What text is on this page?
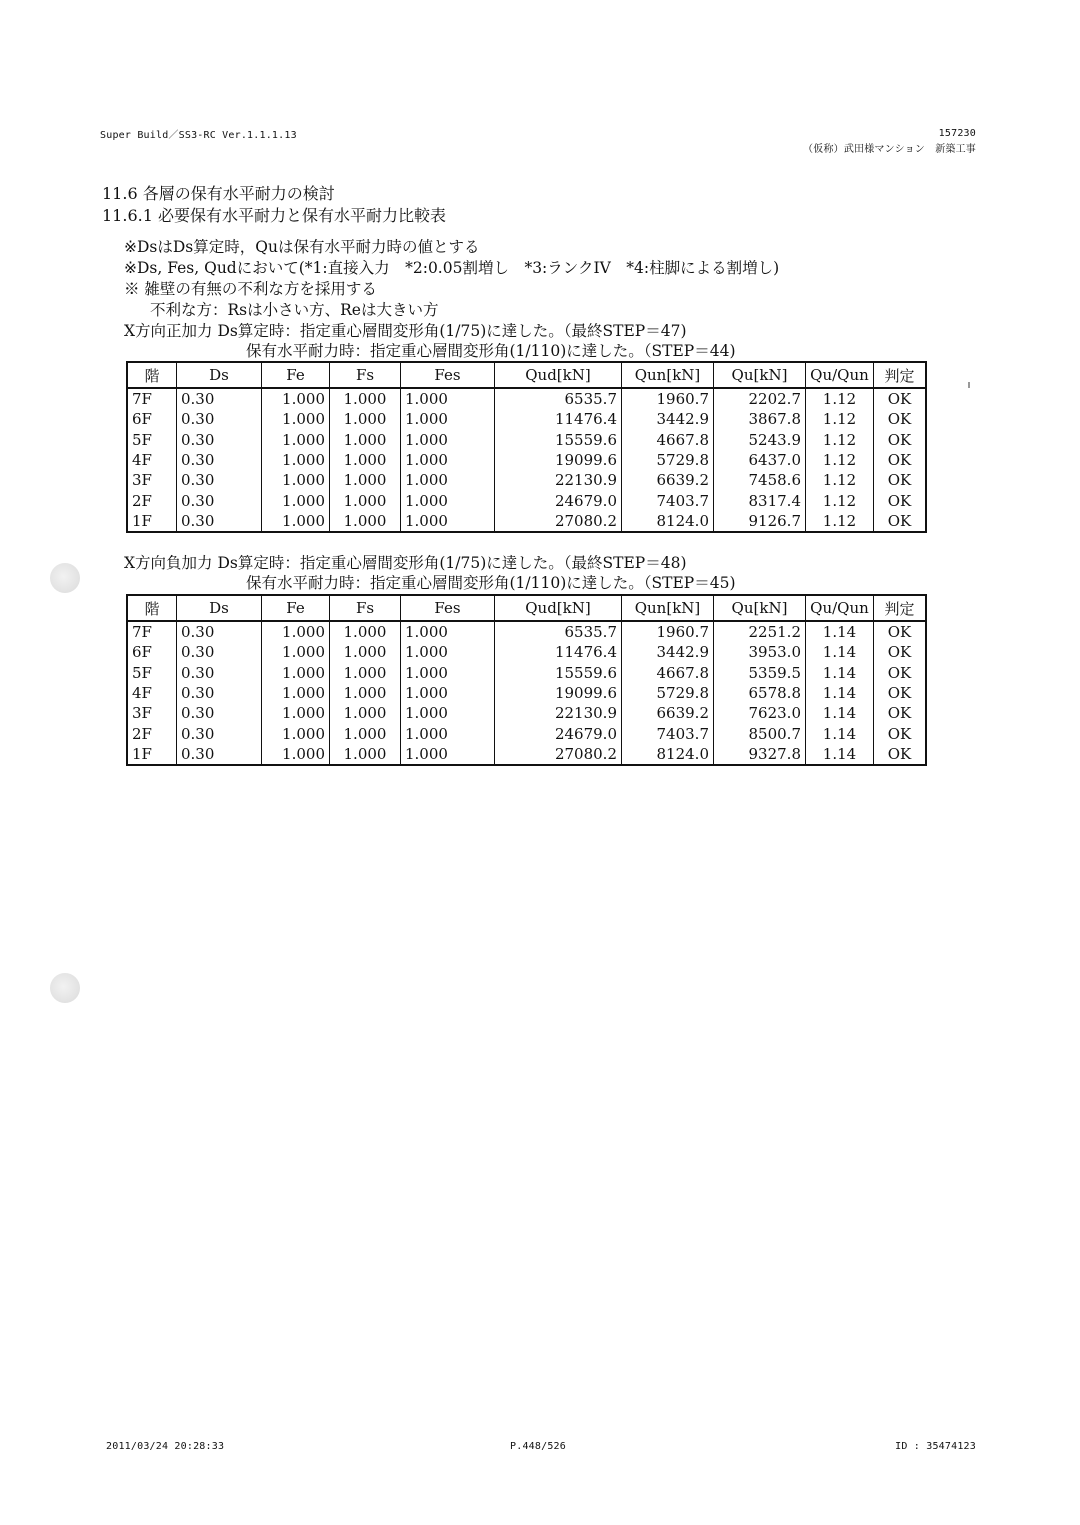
Super Build／SS3-RC Ver.1.1.1.13	157230
（仮称）武田様マンション　新築工事
11.6 各層の保有水平耐力の検討
11.6.1 必要保有水平耐力と保有水平耐力比較表
※DsはDs算定時，Quは保有水平耐力時の値とする
※Ds, Fes, Qudにおいて(*1:直接入力　*2:0.05割増し　*3:ランクIV　*4:柱脚による割増し)
※ 雑壁の有無の不利な方を採用する
不利な方：Rsは小さい方、Reは大きい方
X方向正加力 Ds算定時：指定重心層間変形角(1/75)に達した。（最終STEP＝47)
保有水平耐力時：指定重心層間変形角(1/110)に達した。（STEP＝44)
階	Ds	Fe	Fs	Fes	Qud[kN]	Qun[kN]	Qu[kN]	Qu/Qun	判定
7F	0.30	1.000	1.000	1.000	6535.7	1960.7	2202.7	1.12	OK
6F	0.30	1.000	1.000	1.000	11476.4	3442.9	3867.8	1.12	OK
5F	0.30	1.000	1.000	1.000	15559.6	4667.8	5243.9	1.12	OK
4F	0.30	1.000	1.000	1.000	19099.6	5729.8	6437.0	1.12	OK
3F	0.30	1.000	1.000	1.000	22130.9	6639.2	7458.6	1.12	OK
2F	0.30	1.000	1.000	1.000	24679.0	7403.7	8317.4	1.12	OK
1F	0.30	1.000	1.000	1.000	27080.2	8124.0	9126.7	1.12	OK
X方向負加力 Ds算定時：指定重心層間変形角(1/75)に達した。（最終STEP＝48)
保有水平耐力時：指定重心層間変形角(1/110)に達した。（STEP＝45)
階	Ds	Fe	Fs	Fes	Qud[kN]	Qun[kN]	Qu[kN]	Qu/Qun	判定
7F	0.30	1.000	1.000	1.000	6535.7	1960.7	2251.2	1.14	OK
6F	0.30	1.000	1.000	1.000	11476.4	3442.9	3953.0	1.14	OK
5F	0.30	1.000	1.000	1.000	15559.6	4667.8	5359.5	1.14	OK
4F	0.30	1.000	1.000	1.000	19099.6	5729.8	6578.8	1.14	OK
3F	0.30	1.000	1.000	1.000	22130.9	6639.2	7623.0	1.14	OK
2F	0.30	1.000	1.000	1.000	24679.0	7403.7	8500.7	1.14	OK
1F	0.30	1.000	1.000	1.000	27080.2	8124.0	9327.8	1.14	OK
2011/03/24 20:28:33	P.448/526	ID : 35474123
